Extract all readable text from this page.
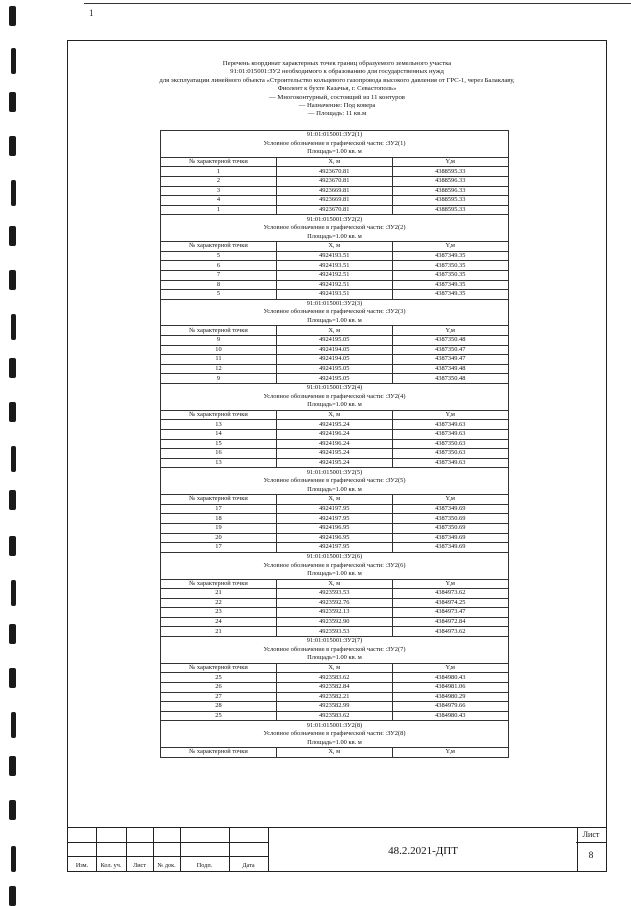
1
Перечень координат характерных точек границ образуемого земельного участка
91:01:015001:ЗУ2 необходимого к образованию для государственных нужд
для эксплуатации линейного объекта «Строительство кольцевого газопровода высокого давления от ГРС-1, через Балаклаву,
Фиолент к бухте Казачья, г. Севастополь»
— Многоконтурный, состоящий из 11 контуров
— Назначение: Под коверa
— Площадь: 11 кв.м
91:01:015001:ЗУ2(1)		
Условное обозначение в графической части: :ЗУ2(1)		
Площадь=1.00 кв. м		
№ характерной точки	X, м	Y,м
1	4923670.81	4388595.33
2	4923670.81	4388596.33
3	4923669.81	4388596.33
4	4923669.81	4388595.33
1	4923670.81	4388595.33
91:01:015001:ЗУ2(2)		
Условное обозначение в графической части: :ЗУ2(2)		
Площадь=1.00 кв. м		
№ характерной точки	X, м	Y,м
5	4924193.51	4387349.35
6	4924193.51	4387350.35
7	4924192.51	4387350.35
8	4924192.51	4387349.35
5	4924193.51	4387349.35
91:01:015001:ЗУ2(3)		
Условное обозначение в графической части: :ЗУ2(3)		
Площадь=1.00 кв. м		
№ характерной точки	X, м	Y,м
9	4924195.05	4387350.48
10	4924194.05	4387350.47
11	4924194.05	4387349.47
12	4924195.05	4387349.48
9	4924195.05	4387350.48
91:01:015001:ЗУ2(4)		
Условное обозначение в графической части: :ЗУ2(4)		
Площадь=1.00 кв. м		
№ характерной точки	X, м	Y,м
13	4924195.24	4387349.63
14	4924196.24	4387349.63
15	4924196.24	4387350.63
16	4924195.24	4387350.63
13	4924195.24	4387349.63
91:01:015001:ЗУ2(5)		
Условное обозначение в графической части: :ЗУ2(5)		
Площадь=1.00 кв. м		
№ характерной точки	X, м	Y,м
17	4924197.95	4387349.69
18	4924197.95	4387350.69
19	4924196.95	4387350.69
20	4924196.95	4387349.69
17	4924197.95	4387349.69
91:01:015001:ЗУ2(6)		
Условное обозначение в графической части: :ЗУ2(6)		
Площадь=1.00 кв. м		
№ характерной точки	X, м	Y,м
21	4923593.53	4384973.62
22	4923592.76	4384974.25
23	4923592.13	4384973.47
24	4923592.90	4384972.84
21	4923593.53	4384973.62
91:01:015001:ЗУ2(7)		
Условное обозначение в графической части: :ЗУ2(7)		
Площадь=1.00 кв. м		
№ характерной точки	X, м	Y,м
25	4923583.62	4384980.43
26	4923582.84	4384981.06
27	4923582.21	4384980.29
28	4923582.99	4384979.66
25	4923583.62	4384980.43
91:01:015001:ЗУ2(8)		
Условное обозначение в графической части: :ЗУ2(8)		
Площадь=1.00 кв. м		
№ характерной точки	X, м	Y,м
Изм.	Кол. уч.	Лист	№ док.	Подп.	Дата
48.2.2021-ДПТ
Лист
8
